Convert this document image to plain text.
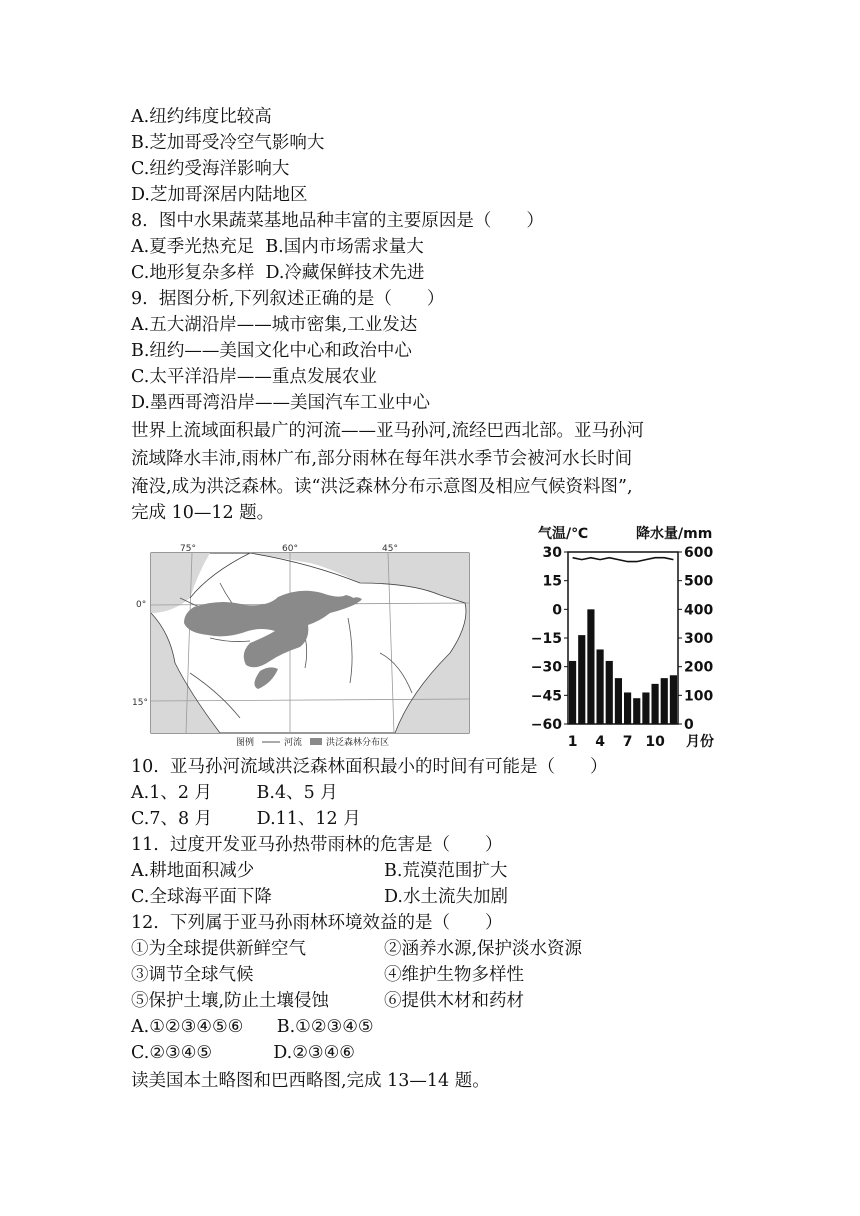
A.纽约纬度比较高
B.芝加哥受冷空气影响大
C.纽约受海洋影响大
D.芝加哥深居内陆地区
8.  图中水果蔬菜基地品种丰富的主要原因是（　　）
A.夏季光热充足  B.国内市场需求量大
C.地形复杂多样  D.冷藏保鲜技术先进
9.  据图分析,下列叙述正确的是（　　）
A.五大湖沿岸——城市密集,工业发达
B.纽约——美国文化中心和政治中心
C.太平洋沿岸——重点发展农业
D.墨西哥湾沿岸——美国汽车工业中心
世界上流域面积最广的河流——亚马孙河,流经巴西北部。亚马孙河
流域降水丰沛,雨林广布,部分雨林在每年洪水季节会被河水长时间
淹没,成为洪泛森林。读“洪泛森林分布示意图及相应气候资料图”,
完成 10—12 题。
75°	60°	45°
0°
15°
图例	河流	洪泛森林分布区
气温/℃	降水量/mm
30
15
0
−15
−30
−45
−60
600
500
400
300
200
100
0
1 4 7 10 月份
10.  亚马孙河流域洪泛森林面积最小的时间有可能是（　　）
A.1、2 月        B.4、5 月
C.7、8 月        D.11、12 月
11.  过度开发亚马孙热带雨林的危害是（　　）
A.耕地面积减少	B.荒漠范围扩大
C.全球海平面下降	D.水土流失加剧
12.  下列属于亚马孙雨林环境效益的是（　　）
①为全球提供新鲜空气	②涵养水源,保护淡水资源
③调节全球气候	④维护生物多样性
⑤保护土壤,防止土壤侵蚀	⑥提供木材和药材
A.①②③④⑤⑥      B.①②③④⑤
C.②③④⑤           D.②③④⑥
读美国本土略图和巴西略图,完成 13—14 题。
